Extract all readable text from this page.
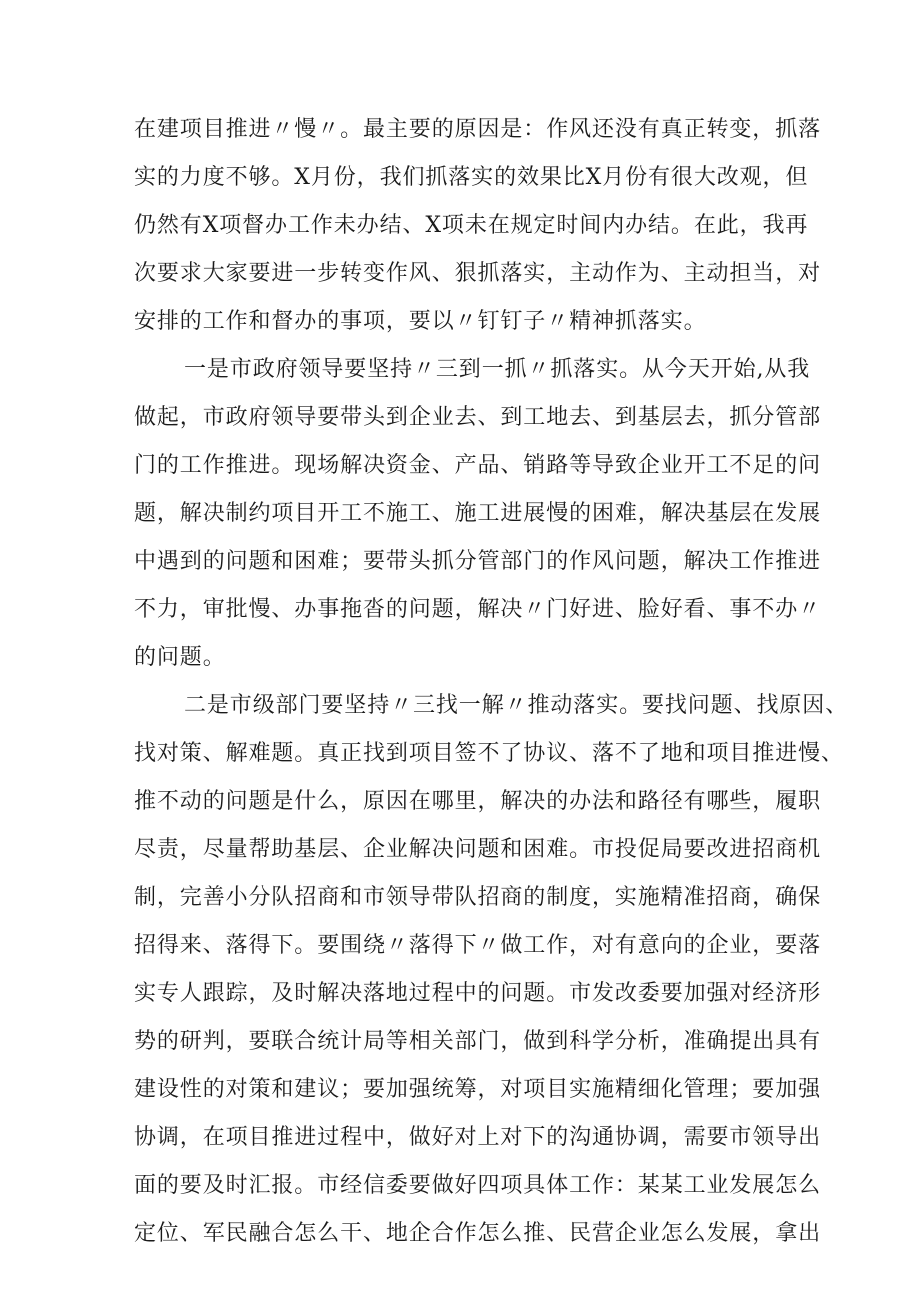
在建项目推进〃慢〃。最主要的原因是：作风还没有真正转变，抓落
实的力度不够。X月份，我们抓落实的效果比X月份有很大改观，但
仍然有X项督办工作未办结、X项未在规定时间内办结。在此，我再
次要求大家要进一步转变作风、狠抓落实，主动作为、主动担当，对
安排的工作和督办的事项，要以〃钉钉子〃精神抓落实。
一是市政府领导要坚持〃三到一抓〃抓落实。从今天开始,从我
做起，市政府领导要带头到企业去、到工地去、到基层去，抓分管部
门的工作推进。现场解决资金、产品、销路等导致企业开工不足的问
题，解决制约项目开工不施工、施工进展慢的困难，解决基层在发展
中遇到的问题和困难；要带头抓分管部门的作风问题，解决工作推进
不力，审批慢、办事拖沓的问题，解决〃门好进、脸好看、事不办〃
的问题。
二是市级部门要坚持〃三找一解〃推动落实。要找问题、找原因、
找对策、解难题。真正找到项目签不了协议、落不了地和项目推进慢、
推不动的问题是什么，原因在哪里，解决的办法和路径有哪些，履职
尽责，尽量帮助基层、企业解决问题和困难。市投促局要改进招商机
制，完善小分队招商和市领导带队招商的制度，实施精准招商，确保
招得来、落得下。要围绕〃落得下〃做工作，对有意向的企业，要落
实专人跟踪，及时解决落地过程中的问题。市发改委要加强对经济形
势的研判，要联合统计局等相关部门，做到科学分析，准确提出具有
建设性的对策和建议；要加强统筹，对项目实施精细化管理；要加强
协调，在项目推进过程中，做好对上对下的沟通协调，需要市领导出
面的要及时汇报。市经信委要做好四项具体工作：某某工业发展怎么
定位、军民融合怎么干、地企合作怎么推、民营企业怎么发展，拿出
